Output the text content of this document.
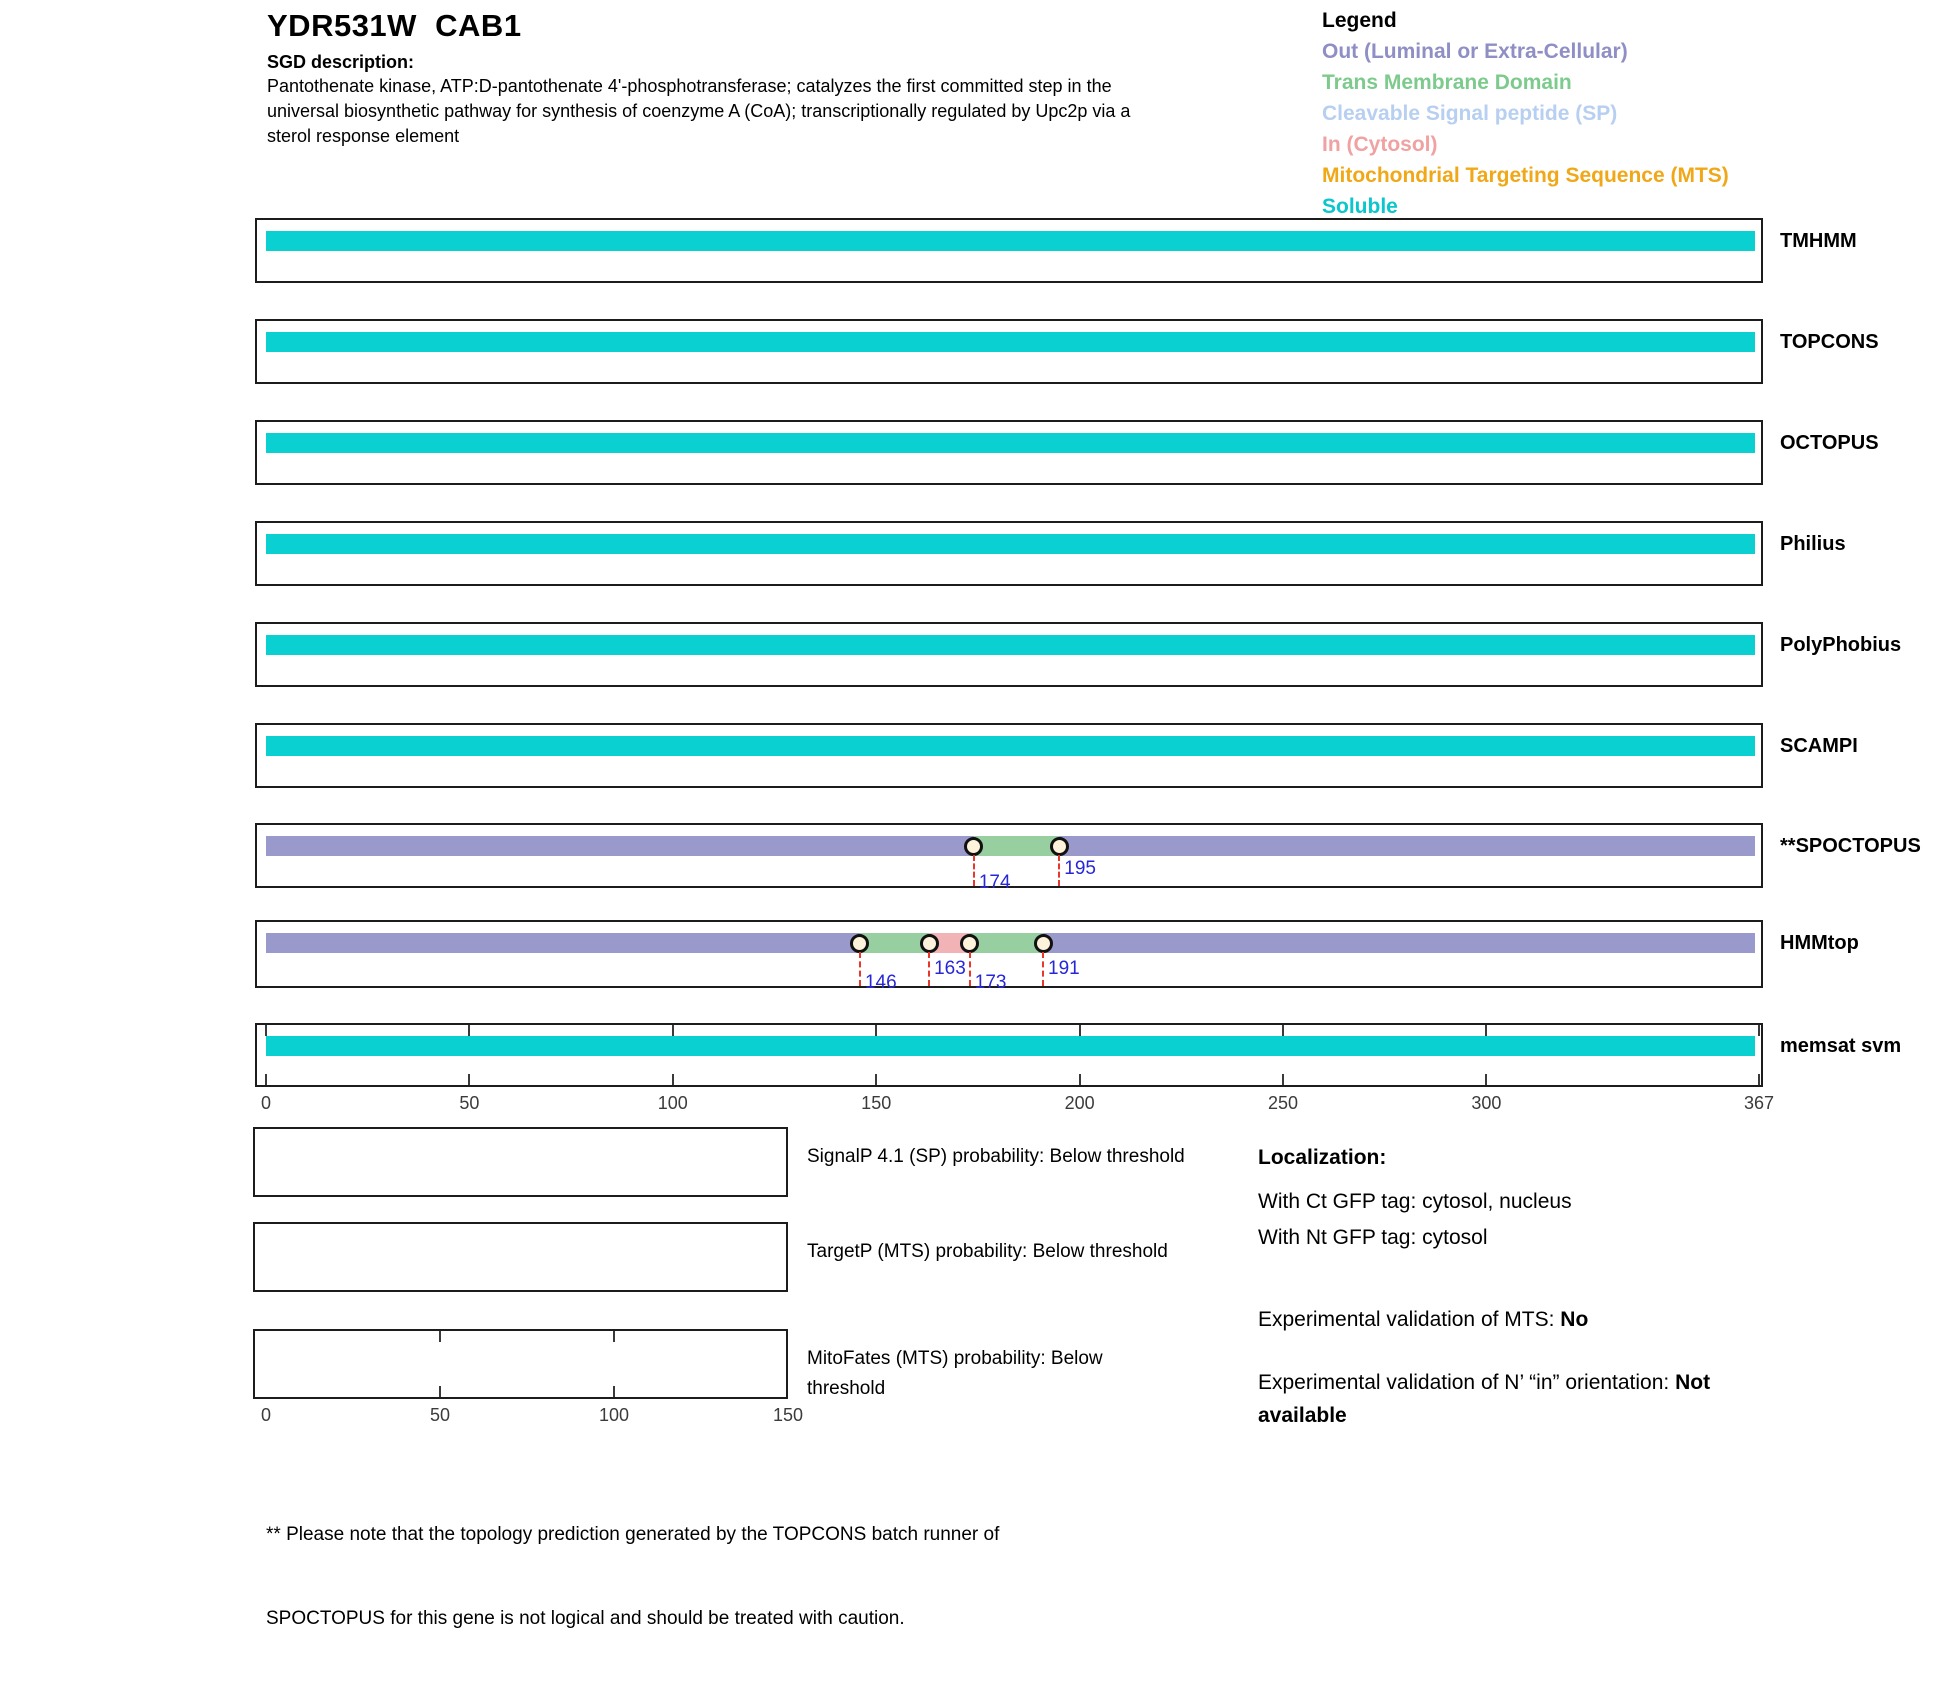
YDR531W  CAB1
SGD description:
Pantothenate kinase, ATP:D-pantothenate 4'-phosphotransferase; catalyzes the first committed step in the
universal biosynthetic pathway for synthesis of coenzyme A (CoA); transcriptionally regulated by Upc2p via a
sterol response element
Legend
Out (Luminal or Extra-Cellular)
Trans Membrane Domain
Cleavable Signal peptide (SP)
In (Cytosol)
Mitochondrial Targeting Sequence (MTS)
Soluble
TMHMM
TOPCONS
OCTOPUS
Philius
PolyPhobius
SCAMPI
174
195
**SPOCTOPUS
146
163
173
191
HMMtop
memsat svm
0	50	100	150	200	250	300	367
SignalP 4.1 (SP) probability: Below threshold
TargetP (MTS) probability: Below threshold
MitoFates (MTS) probability: Below
threshold
0	50	100	150
Localization:
With Ct GFP tag: cytosol, nucleus
With Nt GFP tag: cytosol
Experimental validation of MTS: No
Experimental validation of N’ “in” orientation: Not available

** Please note that the topology prediction generated by the TOPCONS batch runner of

SPOCTOPUS for this gene is not logical and should be treated with caution.
